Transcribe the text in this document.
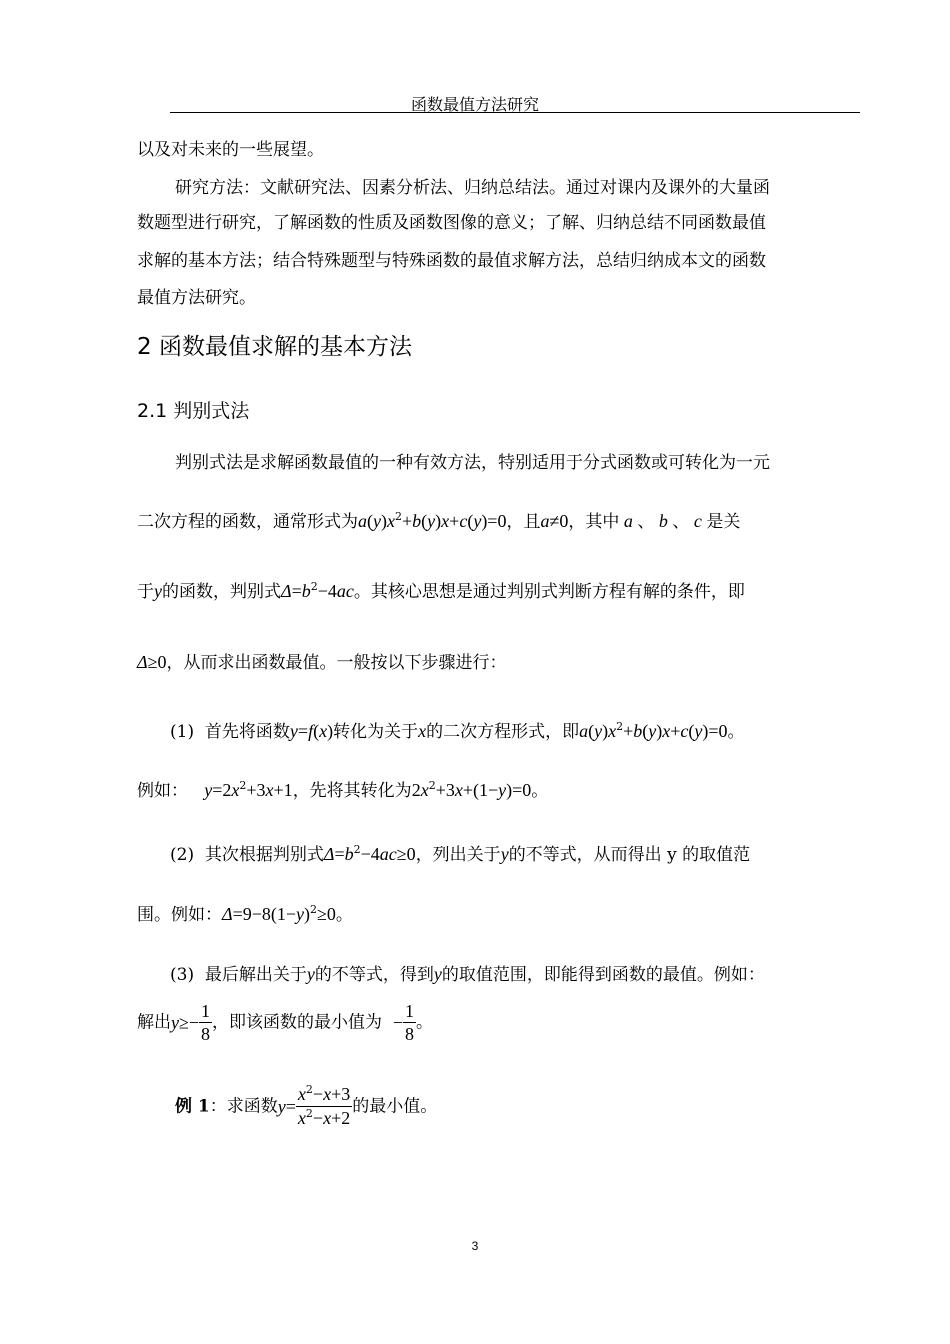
函数最值方法研究
以及对未来的一些展望。
研究方法：文献研究法、因素分析法、归纳总结法。通过对课内及课外的大量函
数题型进行研究，了解函数的性质及函数图像的意义；了解、归纳总结不同函数最值
求解的基本方法；结合特殊题型与特殊函数的最值求解方法，总结归纳成本文的函数
最值方法研究。
2 函数最值求解的基本方法
2.1 判别式法
判别式法是求解函数最值的一种有效方法，特别适用于分式函数或可转化为一元
二次方程的函数，通常形式为$a(y)x^2+b(y)x+c(y)=0$，且a≠0，其中 a 、 b 、 c 是关
于y的函数，判别式$\Delta=b^2-4ac$。其核心思想是通过判别式判断方程有解的条件，即
Δ≥0，从而求出函数最值。一般按以下步骤进行：
(1) 首先将函数y=f(x)转化为关于x的二次方程形式，即$a(y)x^2+b(y)x+c(y)=0$。
例如： $y=2x^2+3x+1$，先将其转化为$2x^2+3x+(1-y)=0$。
(2) 其次根据判别式$\Delta=b^2-4ac\ge 0$，列出关于y的不等式，从而得出 y 的取值范
围。例如：$\Delta=9-8(1-y)^2\ge 0$。
(3) 最后解出关于y的不等式，得到y的取值范围，即能得到函数的最值。例如：
解出$y\ge- \frac{1}{8}$ ，即该函数的最小值为 − $\frac{1}{8}$ 。
例 1：求函数$y= \frac{x^2-x+3}{x^2-x+2}$ 的最小值。
3
